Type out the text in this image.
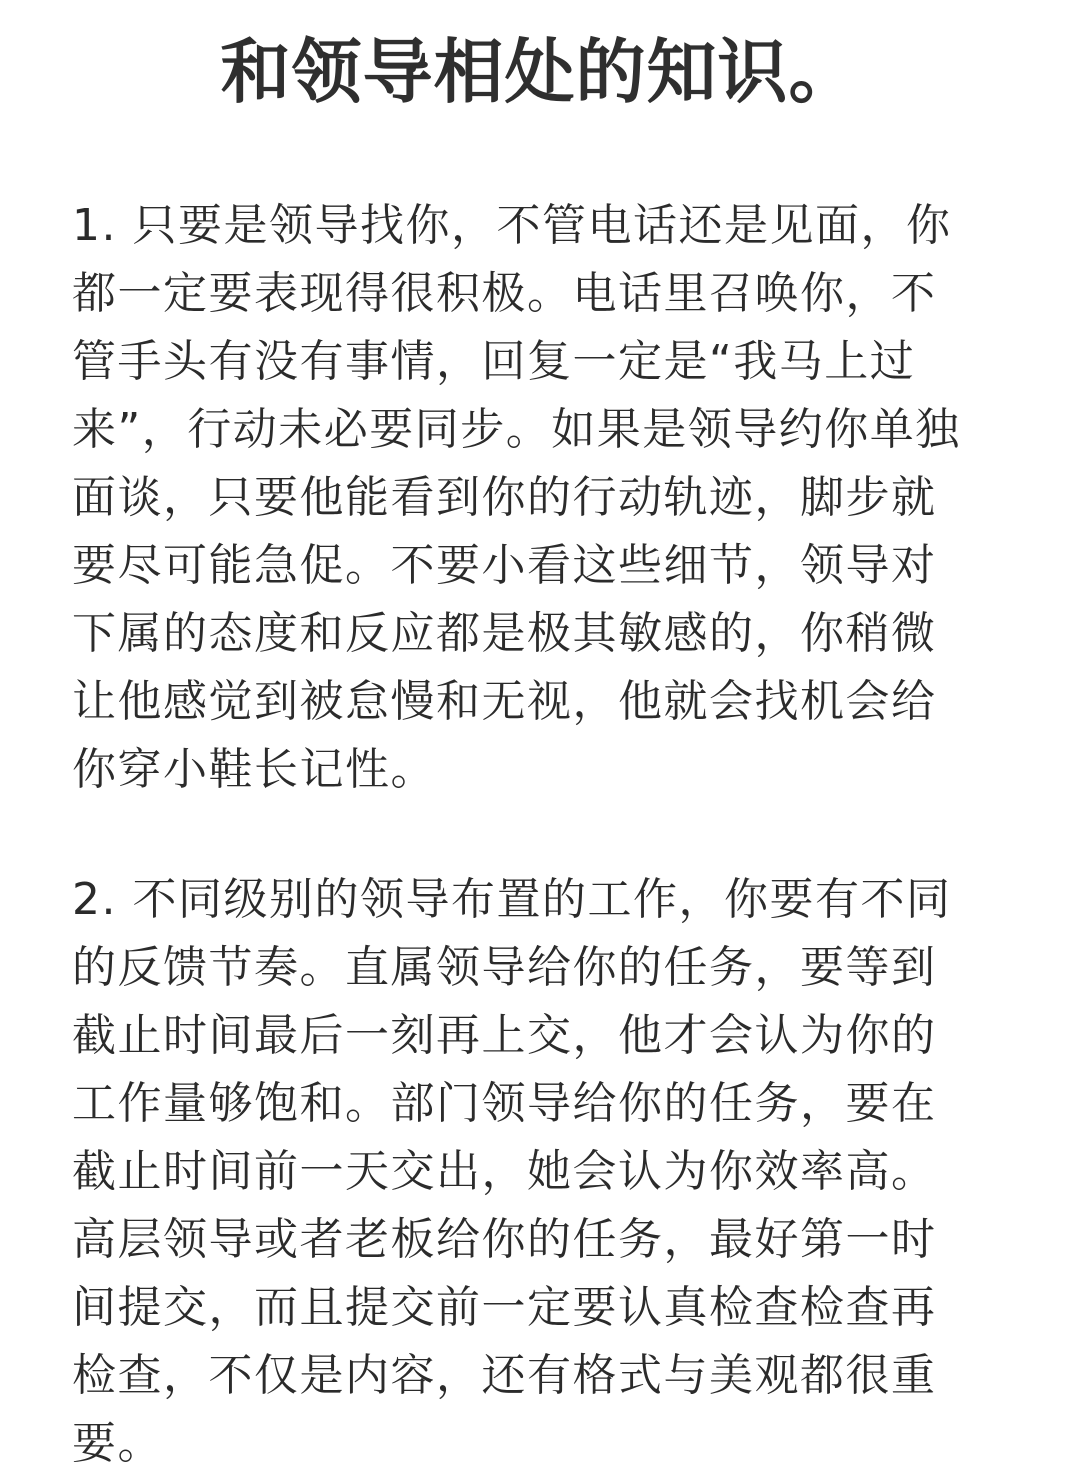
和领导相处的知识。
1. 只要是领导找你，不管电话还是见面，你
都一定要表现得很积极。电话里召唤你，不
管手头有没有事情，回复一定是“我马上过
来”，行动未必要同步。如果是领导约你单独
面谈，只要他能看到你的行动轨迹，脚步就
要尽可能急促。不要小看这些细节，领导对
下属的态度和反应都是极其敏感的，你稍微
让他感觉到被怠慢和无视，他就会找机会给
你穿小鞋长记性。
2. 不同级别的领导布置的工作，你要有不同
的反馈节奏。直属领导给你的任务，要等到
截止时间最后一刻再上交，他才会认为你的
工作量够饱和。部门领导给你的任务，要在
截止时间前一天交出，她会认为你效率高。
高层领导或者老板给你的任务，最好第一时
间提交，而且提交前一定要认真检查检查再
检查，不仅是内容，还有格式与美观都很重
要。
